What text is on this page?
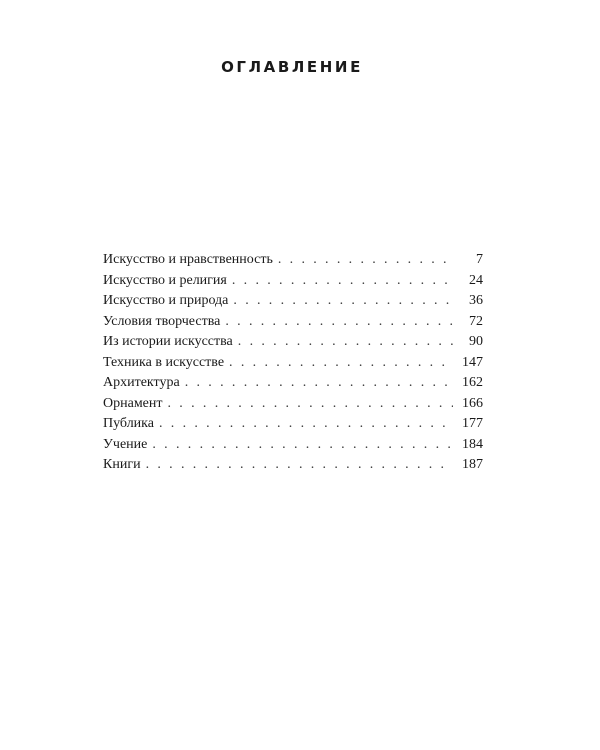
ОГЛАВЛЕНИЕ
Искусство и нравственность . . .	7
Искусство и религия . . .	24
Искусство и природа . . .	36
Условия творчества . . .	72
Из истории искусства . . .	90
Техника в искусстве . . .	147
Архитектура . . .	162
Орнамент . . .	166
Публика . . .	177
Учение . . .	184
Книги . . .	187
